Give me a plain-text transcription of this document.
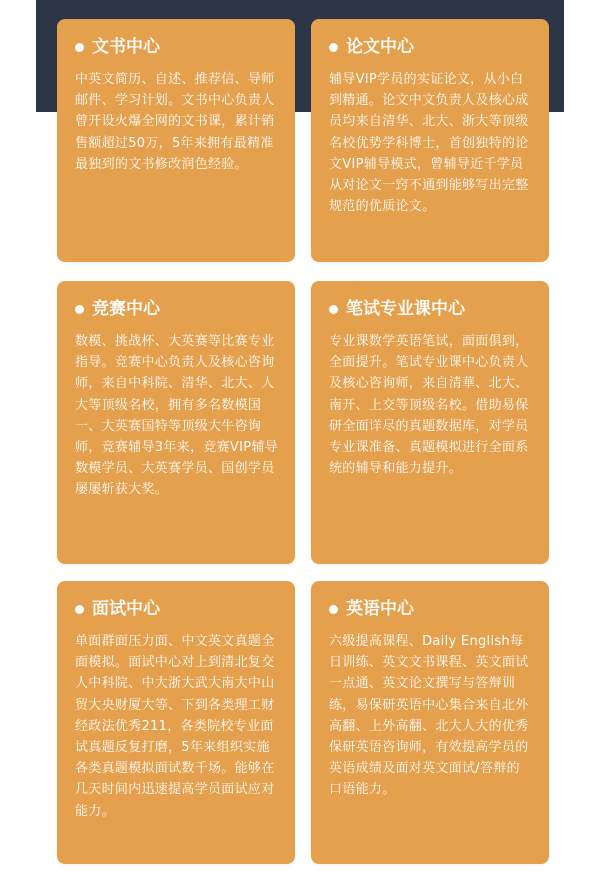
文书中心
中英文简历、自述、推荐信、导师邮件、学习计划。文书中心负责人曾开设火爆全网的文书课，累计销售额超过50万，5年来拥有最精准最独到的文书修改润色经验。
论文中心
辅导VIP学员的实证论文，从小白到精通。论文中文负责人及核心成员均来自清华、北大、浙大等顶级名校优势学科博士，首创独特的论文VIP辅导模式，曾辅导近千学员从对论文一窍不通到能够写出完整规范的优质论文。
竞赛中心
数模、挑战杯、大英赛等比赛专业指导。竞赛中心负责人及核心咨询师，来自中科院、清华、北大、人大等顶级名校，拥有多名数模国一、大英赛国特等顶级大牛咨询师，竞赛辅导3年来，竞赛VIP辅导数模学员、大英赛学员、国创学员屡屡斩获大奖。
笔试专业课中心
专业课数学英语笔试，面面俱到，全面提升。笔试专业课中心负责人及核心咨询师，来自清華、北大、南开、上交等顶级名校。借助易保研全面详尽的真题数据库，对学员专业课准备、真题模拟进行全面系统的辅导和能力提升。
面试中心
单面群面压力面、中文英文真题全面模拟。面试中心对上到清北复交人中科院、中大浙大武大南大中山贸大央财厦大等、下到各类理工财经政法优秀211，各类院校专业面试真题反复打磨，5年来组织实施各类真题模拟面试数千场。能够在几天时间内迅速提高学员面试应对能力。
英语中心
六级提高课程、Daily English每日训练、英文文书课程、英文面试一点通、英文论文撰写与答辩训练，易保研英语中心集合来自北外高翻、上外高翻、北大人大的优秀保研英语咨询师，有效提高学员的英语成绩及面对英文面试/答辩的口语能力。
